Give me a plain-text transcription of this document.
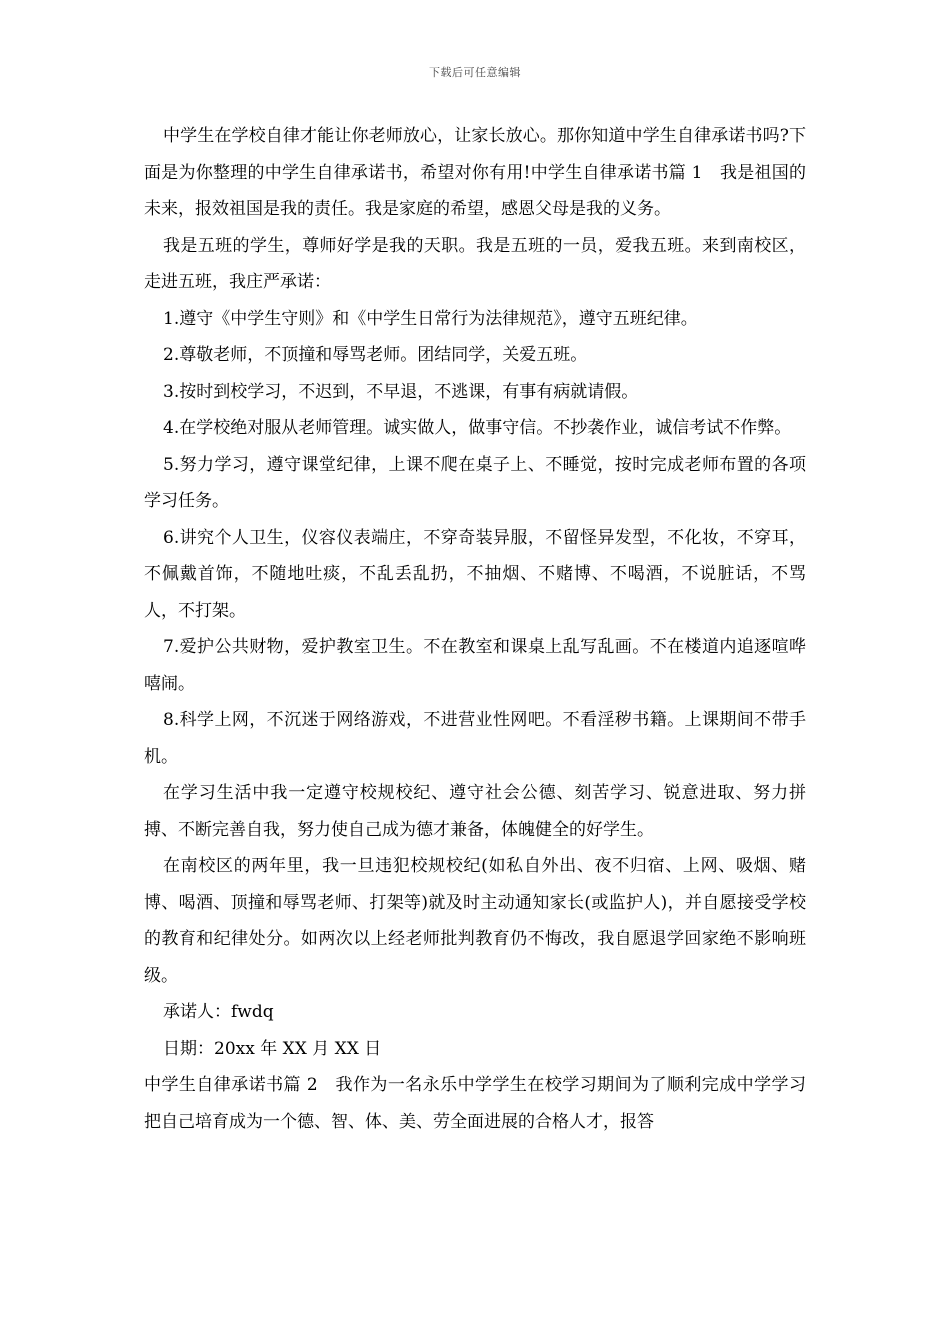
下载后可任意编辑

中学生在学校自律才能让你老师放心，让家长放心。那你知道中学生自律承诺书吗?下面是为你整理的中学生自律承诺书，希望对你有用!中学生自律承诺书篇 1　我是祖国的未来，报效祖国是我的责任。我是家庭的希望，感恩父母是我的义务。

我是五班的学生，尊师好学是我的天职。我是五班的一员，爱我五班。来到南校区，走进五班，我庄严承诺：

1.遵守《中学生守则》和《中学生日常行为法律规范》，遵守五班纪律。

2.尊敬老师，不顶撞和辱骂老师。团结同学，关爱五班。

3.按时到校学习，不迟到，不早退，不逃课，有事有病就请假。

4.在学校绝对服从老师管理。诚实做人，做事守信。不抄袭作业，诚信考试不作弊。

5.努力学习，遵守课堂纪律，上课不爬在桌子上、不睡觉，按时完成老师布置的各项学习任务。

6.讲究个人卫生，仪容仪表端庄，不穿奇装异服，不留怪异发型，不化妆，不穿耳，不佩戴首饰，不随地吐痰，不乱丢乱扔，不抽烟、不赌博、不喝酒，不说脏话，不骂人，不打架。

7.爱护公共财物，爱护教室卫生。不在教室和课桌上乱写乱画。不在楼道内追逐喧哗嘻闹。

8.科学上网，不沉迷于网络游戏，不进营业性网吧。不看淫秽书籍。上课期间不带手机。

在学习生活中我一定遵守校规校纪、遵守社会公德、刻苦学习、锐意进取、努力拼搏、不断完善自我，努力使自己成为德才兼备，体魄健全的好学生。

在南校区的两年里，我一旦违犯校规校纪(如私自外出、夜不归宿、上网、吸烟、赌博、喝酒、顶撞和辱骂老师、打架等)就及时主动通知家长(或监护人)，并自愿接受学校的教育和纪律处分。如两次以上经老师批判教育仍不悔改，我自愿退学回家绝不影响班级。

承诺人：fwdq

日期：20xx 年 XX 月 XX 日

中学生自律承诺书篇 2　我作为一名永乐中学学生在校学习期间为了顺利完成中学学习把自己培育成为一个德、智、体、美、劳全面进展的合格人才，报答
